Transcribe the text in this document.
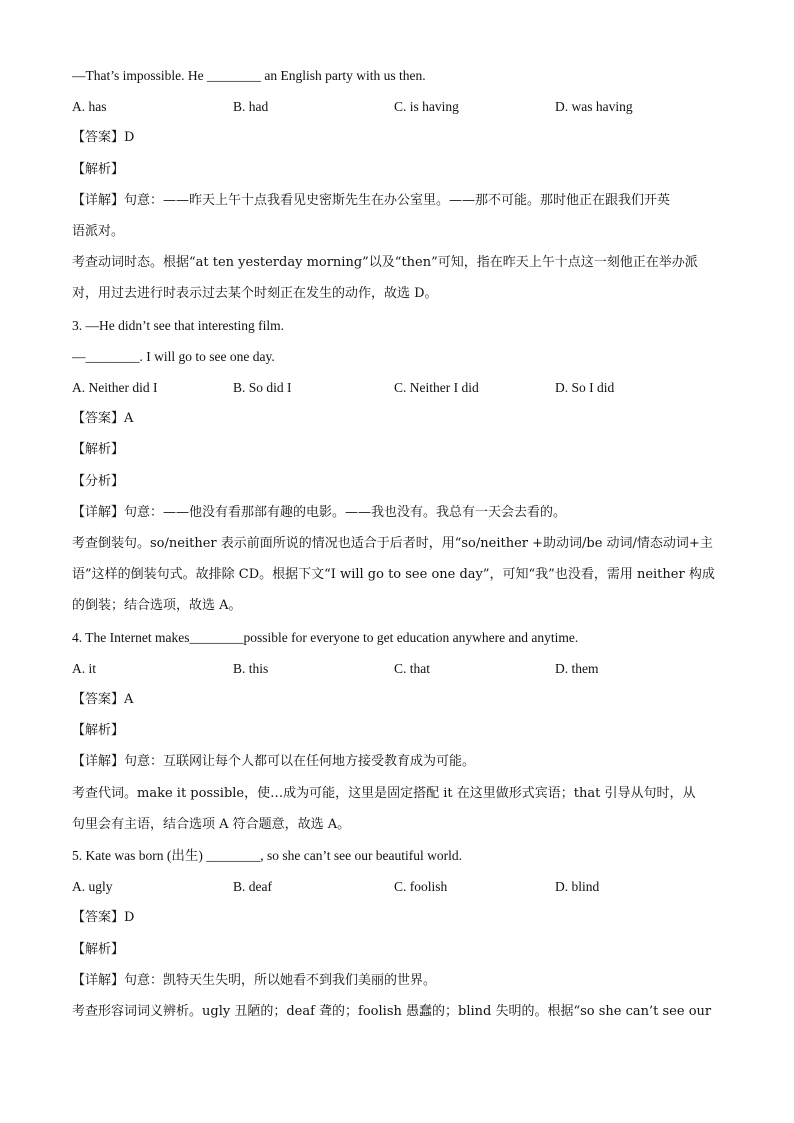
—That’s impossible. He ________ an English party with us then.
A. has	B. had	C. is having	D. was having
【答案】D
【解析】
【详解】句意：——昨天上午十点我看见史密斯先生在办公室里。——那不可能。那时他正在跟我们开英
语派对。
考查动词时态。根据“at ten yesterday morning”以及“then”可知，指在昨天上午十点这一刻他正在举办派
对，用过去进行时表示过去某个时刻正在发生的动作，故选 D。
3. —He didn’t see that interesting film.
—________. I will go to see one day.
A. Neither did I	B. So did I	C. Neither I did	D. So I did
【答案】A
【解析】
【分析】
【详解】句意：——他没有看那部有趣的电影。——我也没有。我总有一天会去看的。
考查倒装句。so/neither 表示前面所说的情况也适合于后者时，用“so/neither +助动词/be 动词/情态动词+主
语”这样的倒装句式。故排除 CD。根据下文“I will go to see one day”，可知“我”也没看，需用 neither 构成
的倒装；结合选项，故选 A。
4. The Internet makes________possible for everyone to get education anywhere and anytime.
A. it	B. this	C. that	D. them
【答案】A
【解析】
【详解】句意：互联网让每个人都可以在任何地方接受教育成为可能。
考查代词。make it possible，使…成为可能，这里是固定搭配 it 在这里做形式宾语；that 引导从句时，从
句里会有主语，结合选项 A 符合题意，故选 A。
5. Kate was born (出生) ________, so she can’t see our beautiful world.
A. ugly	B. deaf	C. foolish	D. blind
【答案】D
【解析】
【详解】句意：凯特天生失明，所以她看不到我们美丽的世界。
考查形容词词义辨析。ugly 丑陋的；deaf 聋的；foolish 愚蠢的；blind 失明的。根据“so she can’t see our
